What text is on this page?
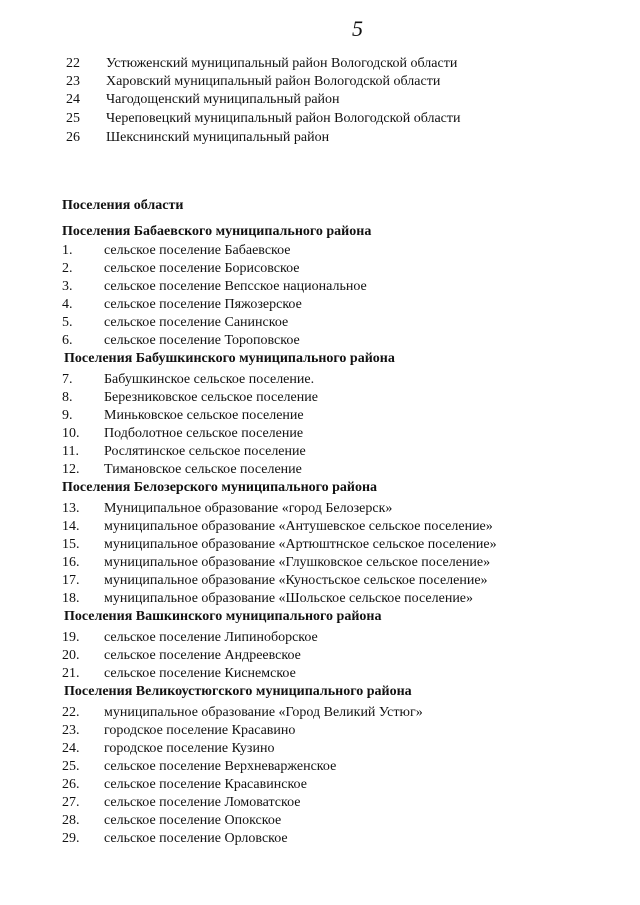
5
22 Устюженский муниципальный район Вологодской области
23 Харовский муниципальный район Вологодской области
24 Чагодощенский муниципальный район
25 Череповецкий муниципальный район Вологодской области
26 Шекснинский муниципальный район
Поселения области
Поселения Бабаевского муниципального района
1. сельское поселение Бабаевское
2. сельское поселение Борисовское
3. сельское поселение Вепсское национальное
4. сельское поселение Пяжозерское
5. сельское поселение Санинское
6. сельское поселение Тороповское
Поселения Бабушкинского муниципального района
7. Бабушкинское сельское поселение.
8. Березниковское сельское поселение
9. Миньковское сельское поселение
10. Подболотное сельское поселение
11. Рослятинское сельское поселение
12. Тимановское сельское поселение
Поселения Белозерского муниципального района
13. Муниципальное образование «город Белозерск»
14. муниципальное образование «Антушевское сельское поселение»
15. муниципальное образование «Артюштнское сельское поселение»
16. муниципальное образование «Глушковское сельское поселение»
17. муниципальное образование «Куностьское сельское поселение»
18. муниципальное образование «Шольское сельское поселение»
Поселения Вашкинского муниципального района
19. сельское поселение Липиноборское
20. сельское поселение Андреевское
21. сельское поселение Киснемское
Поселения Великоустюгского муниципального района
22. муниципальное образование «Город Великий Устюг»
23. городское поселение Красавино
24. городское поселение Кузино
25. сельское поселение Верхневарженское
26. сельское поселение Красавинское
27. сельское поселение Ломоватское
28. сельское поселение Опокское
29. сельское поселение Орловское
